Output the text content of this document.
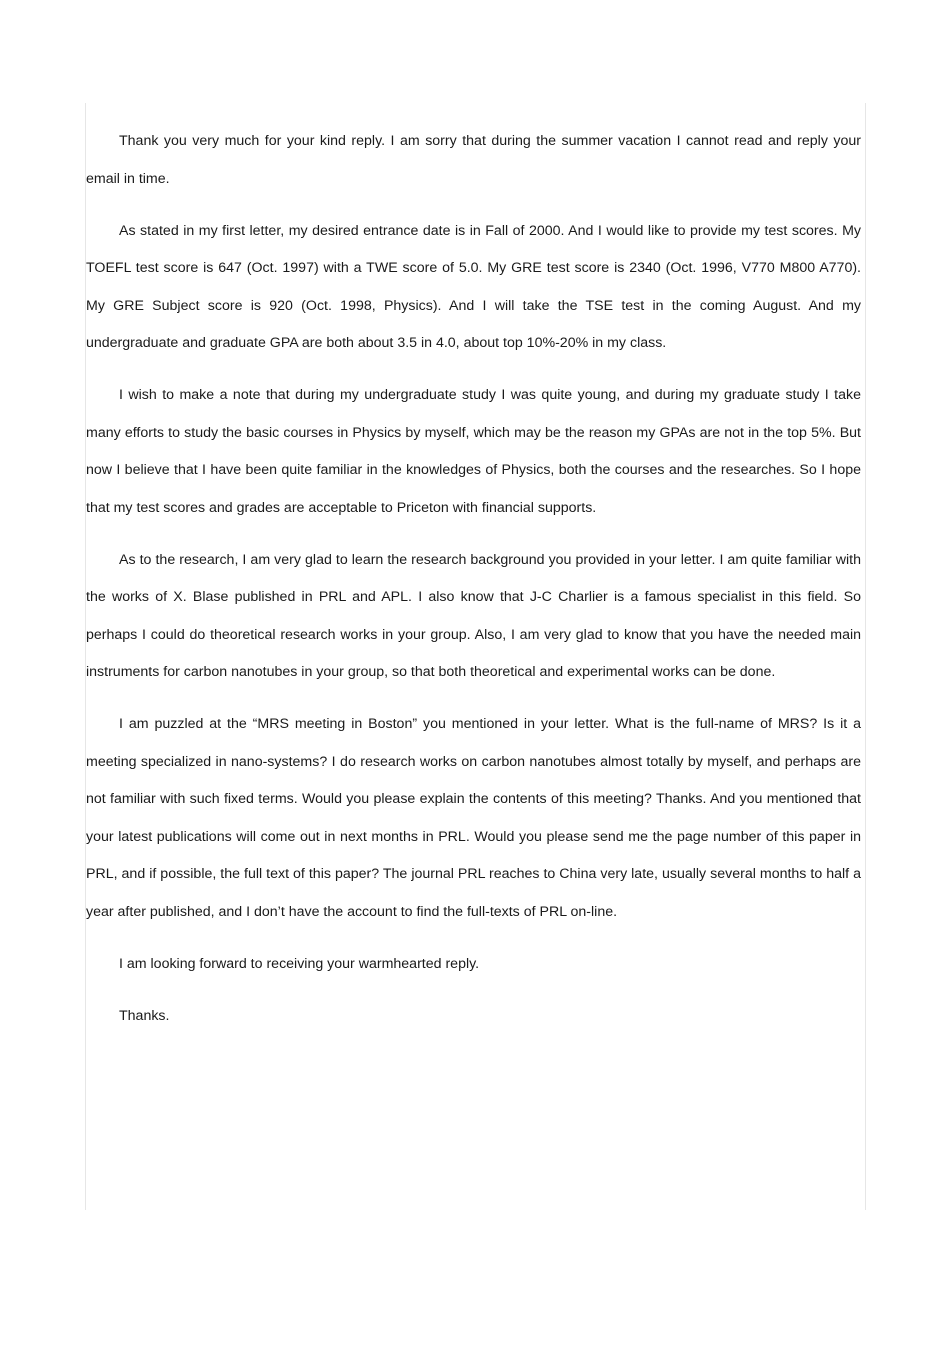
Thank you very much for your kind reply. I am sorry that during the summer vacation I cannot read and reply your email in time.

As stated in my first letter, my desired entrance date is in Fall of 2000. And I would like to provide my test scores. My TOEFL test score is 647 (Oct. 1997) with a TWE score of 5.0. My GRE test score is 2340 (Oct. 1996, V770 M800 A770). My GRE Subject score is 920 (Oct. 1998, Physics). And I will take the TSE test in the coming August. And my undergraduate and graduate GPA are both about 3.5 in 4.0, about top 10%-20% in my class.

I wish to make a note that during my undergraduate study I was quite young, and during my graduate study I take many efforts to study the basic courses in Physics by myself, which may be the reason my GPAs are not in the top 5%. But now I believe that I have been quite familiar in the knowledges of Physics, both the courses and the researches. So I hope that my test scores and grades are acceptable to Priceton with financial supports.

As to the research, I am very glad to learn the research background you provided in your letter. I am quite familiar with the works of X. Blase published in PRL and APL. I also know that J-C Charlier is a famous specialist in this field. So perhaps I could do theoretical research works in your group. Also, I am very glad to know that you have the needed main instruments for carbon nanotubes in your group, so that both theoretical and experimental works can be done.

I am puzzled at the “MRS meeting in Boston” you mentioned in your letter. What is the full-name of MRS? Is it a meeting specialized in nano-systems? I do research works on carbon nanotubes almost totally by myself, and perhaps are not familiar with such fixed terms. Would you please explain the contents of this meeting? Thanks. And you mentioned that your latest publications will come out in next months in PRL. Would you please send me the page number of this paper in PRL, and if possible, the full text of this paper? The journal PRL reaches to China very late, usually several months to half a year after published, and I don’t have the account to find the full-texts of PRL on-line.

I am looking forward to receiving your warmhearted reply.

Thanks.
